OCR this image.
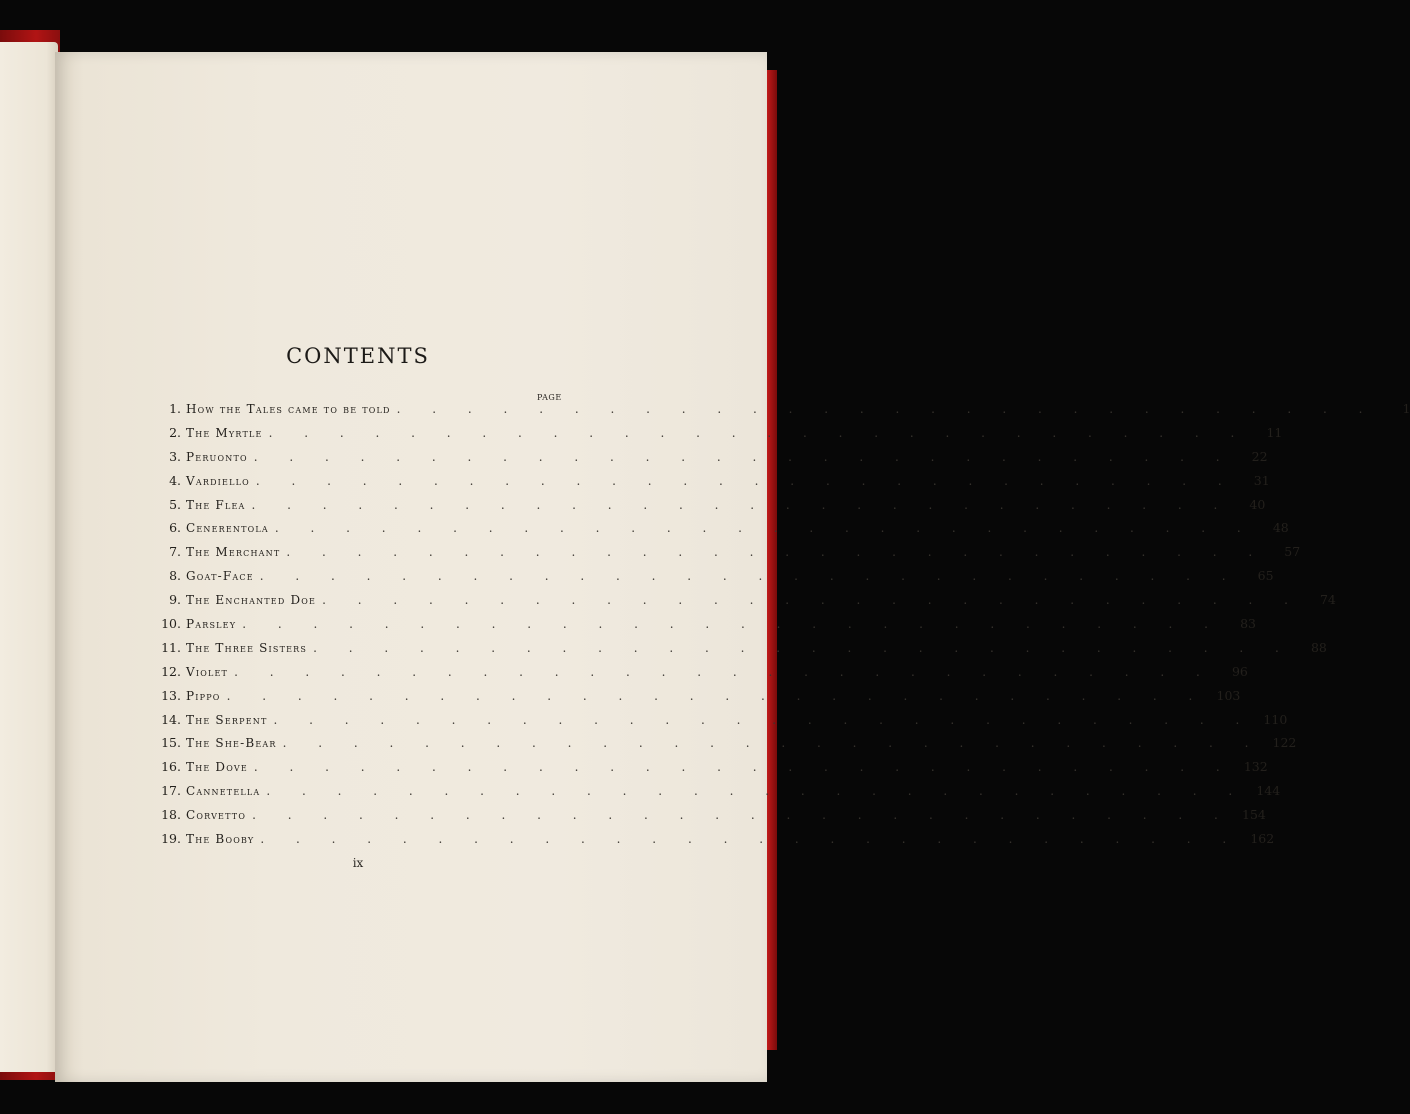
CONTENTS
PAGE
1. How the Tales came to be told . . . . . . . . . . . . . . . . . . . . . . . . . . . .	1
2. The Myrtle . . . . . . . . . . . . . . . . . . . . . . . . . . . .	11
3. Peruonto . . . . . . . . . . . . . . . . . . . . . . . . . . . .	22
4. Vardiello . . . . . . . . . . . . . . . . . . . . . . . . . . . .	31
5. The Flea . . . . . . . . . . . . . . . . . . . . . . . . . . . .	40
6. Cenerentola . . . . . . . . . . . . . . . . . . . . . . . . . . . .	48
7. The Merchant . . . . . . . . . . . . . . . . . . . . . . . . . . . .	57
8. Goat-Face . . . . . . . . . . . . . . . . . . . . . . . . . . . .	65
9. The Enchanted Doe . . . . . . . . . . . . . . . . . . . . . . . . . . . .	74
10. Parsley . . . . . . . . . . . . . . . . . . . . . . . . . . . .	83
11. The Three Sisters . . . . . . . . . . . . . . . . . . . . . . . . . . . .	88
12. Violet . . . . . . . . . . . . . . . . . . . . . . . . . . . .	96
13. Pippo . . . . . . . . . . . . . . . . . . . . . . . . . . . . 103
14. The Serpent . . . . . . . . . . . . . . . . . . . . . . . . . . . . 110
15. The She-Bear . . . . . . . . . . . . . . . . . . . . . . . . . . . . 122
16. The Dove . . . . . . . . . . . . . . . . . . . . . . . . . . . . 132
17. Cannetella . . . . . . . . . . . . . . . . . . . . . . . . . . . . 144
18. Corvetto . . . . . . . . . . . . . . . . . . . . . . . . . . . . 154
19. The Booby . . . . . . . . . . . . . . . . . . . . . . . . . . . . 162
ix
